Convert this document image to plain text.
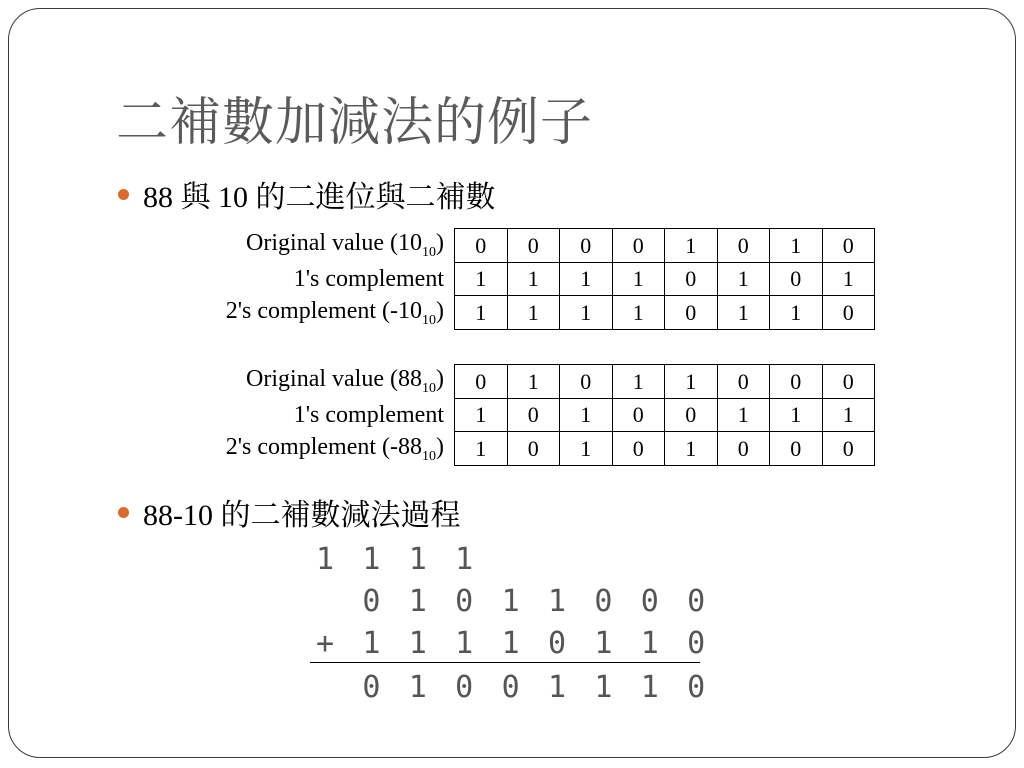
二補數加減法的例子
88 與 10 的二進位與二補數
Original value $(10_{10})$	0	0	0	0	1	0	1	0
1's complement	1	1	1	1	0	1	0	1
2's complement $(-10_{10})$	1	1	1	1	0	1	1	0
Original value $(88_{10})$	0	1	0	1	1	0	0	0
1's complement	1	0	1	0	0	1	1	1
2's complement $(-88_{10})$	1	0	1	0	1	0	0	0
88-10 的二補數減法過程
1 1 1 1
0 1 0 1 1 0 0 0
+ 1 1 1 1 0 1 1 0
0 1 0 0 1 1 1 0
